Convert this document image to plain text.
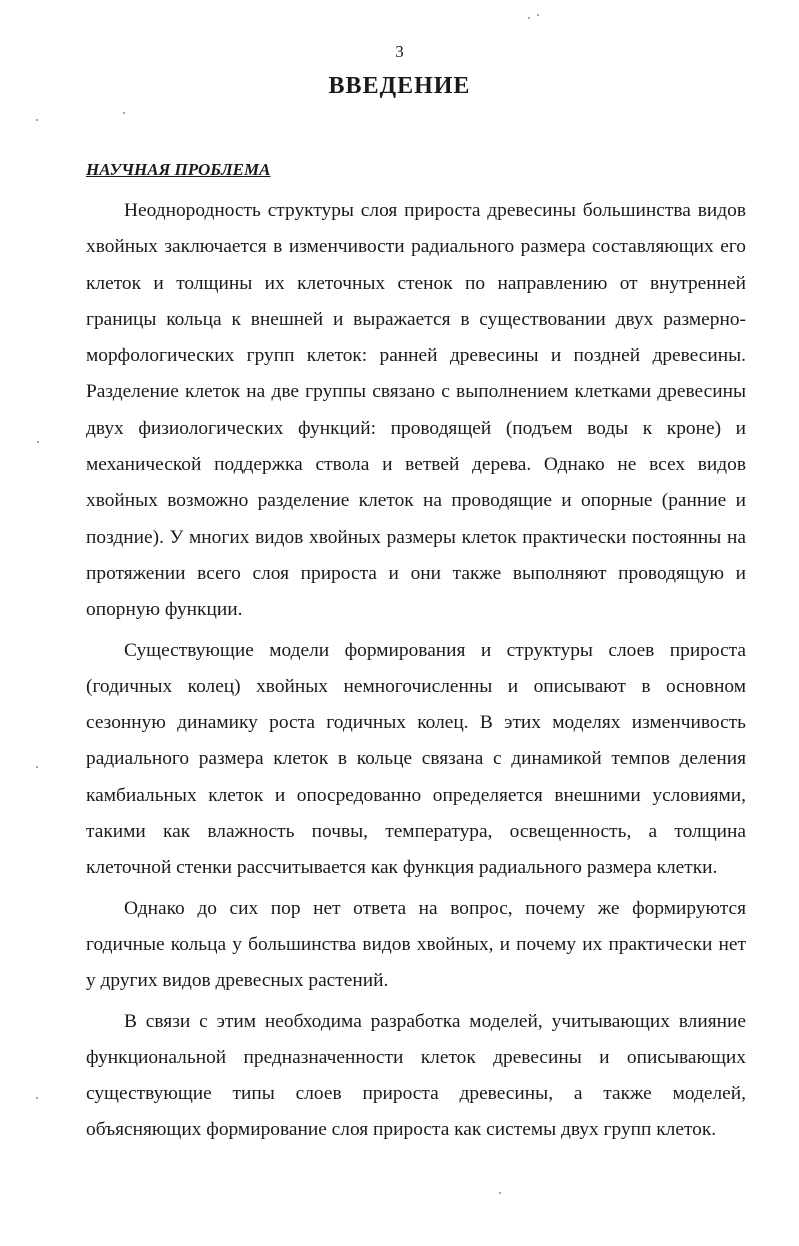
3
ВВЕДЕНИЕ
НАУЧНАЯ ПРОБЛЕМА

Неоднородность структуры слоя прироста древесины большинства видов хвойных заключается в изменчивости радиального размера составляющих его клеток и толщины их клеточных стенок по направлению от внутренней границы кольца к внешней и выражается в существовании двух размерно-морфологических групп клеток: ранней древесины и поздней древесины. Разделение клеток на две группы связано с выполнением клетками древесины двух физиологических функций: проводящей (подъем воды к кроне) и механической поддержка ствола и ветвей дерева. Однако не всех видов хвойных возможно разделение клеток на проводящие и опорные (ранние и поздние). У многих видов хвойных размеры клеток практически постоянны на протяжении всего слоя прироста и они также выполняют проводящую и опорную функции.

Существующие модели формирования и структуры слоев прироста (годичных колец) хвойных немногочисленны и описывают в основном сезонную динамику роста годичных колец. В этих моделях изменчивость радиального размера клеток в кольце связана с динамикой темпов деления камбиальных клеток и опосредованно определяется внешними условиями, такими как влажность почвы, температура, освещенность, а толщина клеточной стенки рассчитывается как функция радиального размера клетки.

Однако до сих пор нет ответа на вопрос, почему же формируются годичные кольца у большинства видов хвойных, и почему их практически нет у других видов древесных растений.

В связи с этим необходима разработка моделей, учитывающих влияние функциональной предназначенности клеток древесины и описывающих существующие типы слоев прироста древесины, а также моделей, объясняющих формирование слоя прироста как системы двух групп клеток.
